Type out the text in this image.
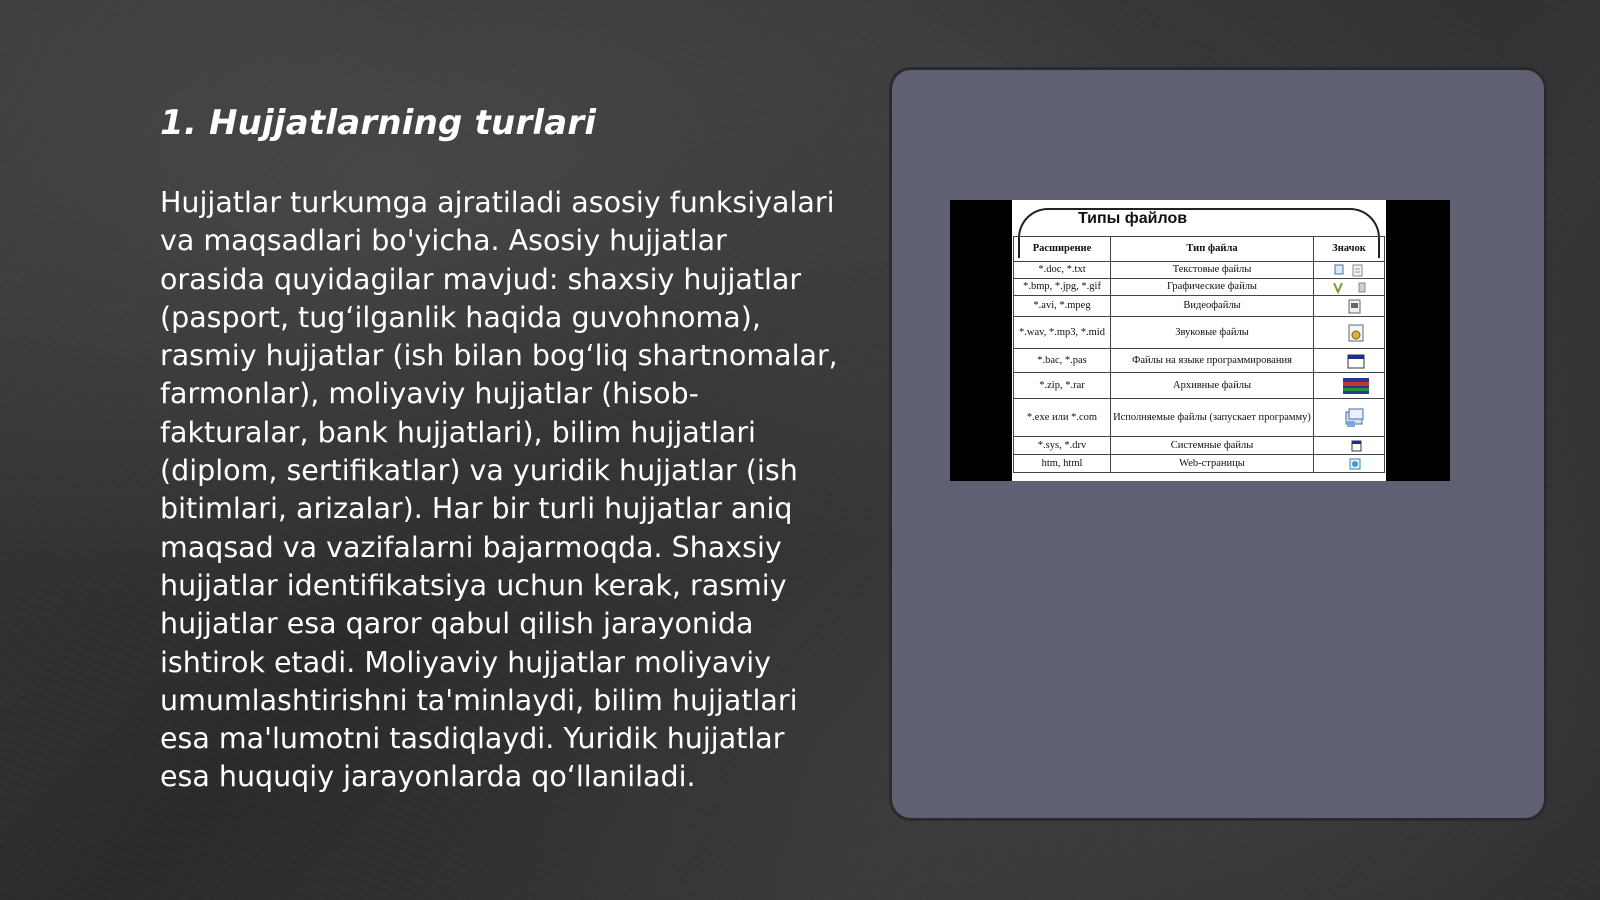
1. Hujjatlarning turlari

Hujjatlar turkumga ajratiladi asosiy funksiyalari va maqsadlari bo'yicha. Asosiy hujjatlar orasida quyidagilar mavjud: shaxsiy hujjatlar (pasport, tug‘ilganlik haqida guvohnoma), rasmiy hujjatlar (ish bilan bog‘liq shartnomalar, farmonlar), moliyaviy hujjatlar (hisob-fakturalar, bank hujjatlari), bilim hujjatlari (diplom, sertifikatlar) va yuridik hujjatlar (ish bitimlari, arizalar). Har bir turli hujjatlar aniq maqsad va vazifalarni bajarmoqda. Shaxsiy hujjatlar identifikatsiya uchun kerak, rasmiy hujjatlar esa qaror qabul qilish jarayonida ishtirok etadi. Moliyaviy hujjatlar moliyaviy umumlashtirishni ta'minlaydi, bilim hujjatlari esa ma'lumotni tasdiqlaydi. Yuridik hujjatlar esa huquqiy jarayonlarda qo‘llaniladi.

Типы файлов
Расширение	Тип файла	Значок
*.doc, *.txt	Текстовые файлы	
*.bmp, *.jpg, *.gif	Графические файлы	
*.avi, *.mpeg	Видеофайлы	
*.wav, *.mp3, *.mid	Звуковые файлы	
*.bac, *.pas	Файлы на языке программирования	
*.zip, *.rar	Архивные файлы	
*.exe или *.com	Исполняемые файлы (запускает программу)	
*.sys, *.drv	Системные файлы	
htm, html	Web-страницы	
